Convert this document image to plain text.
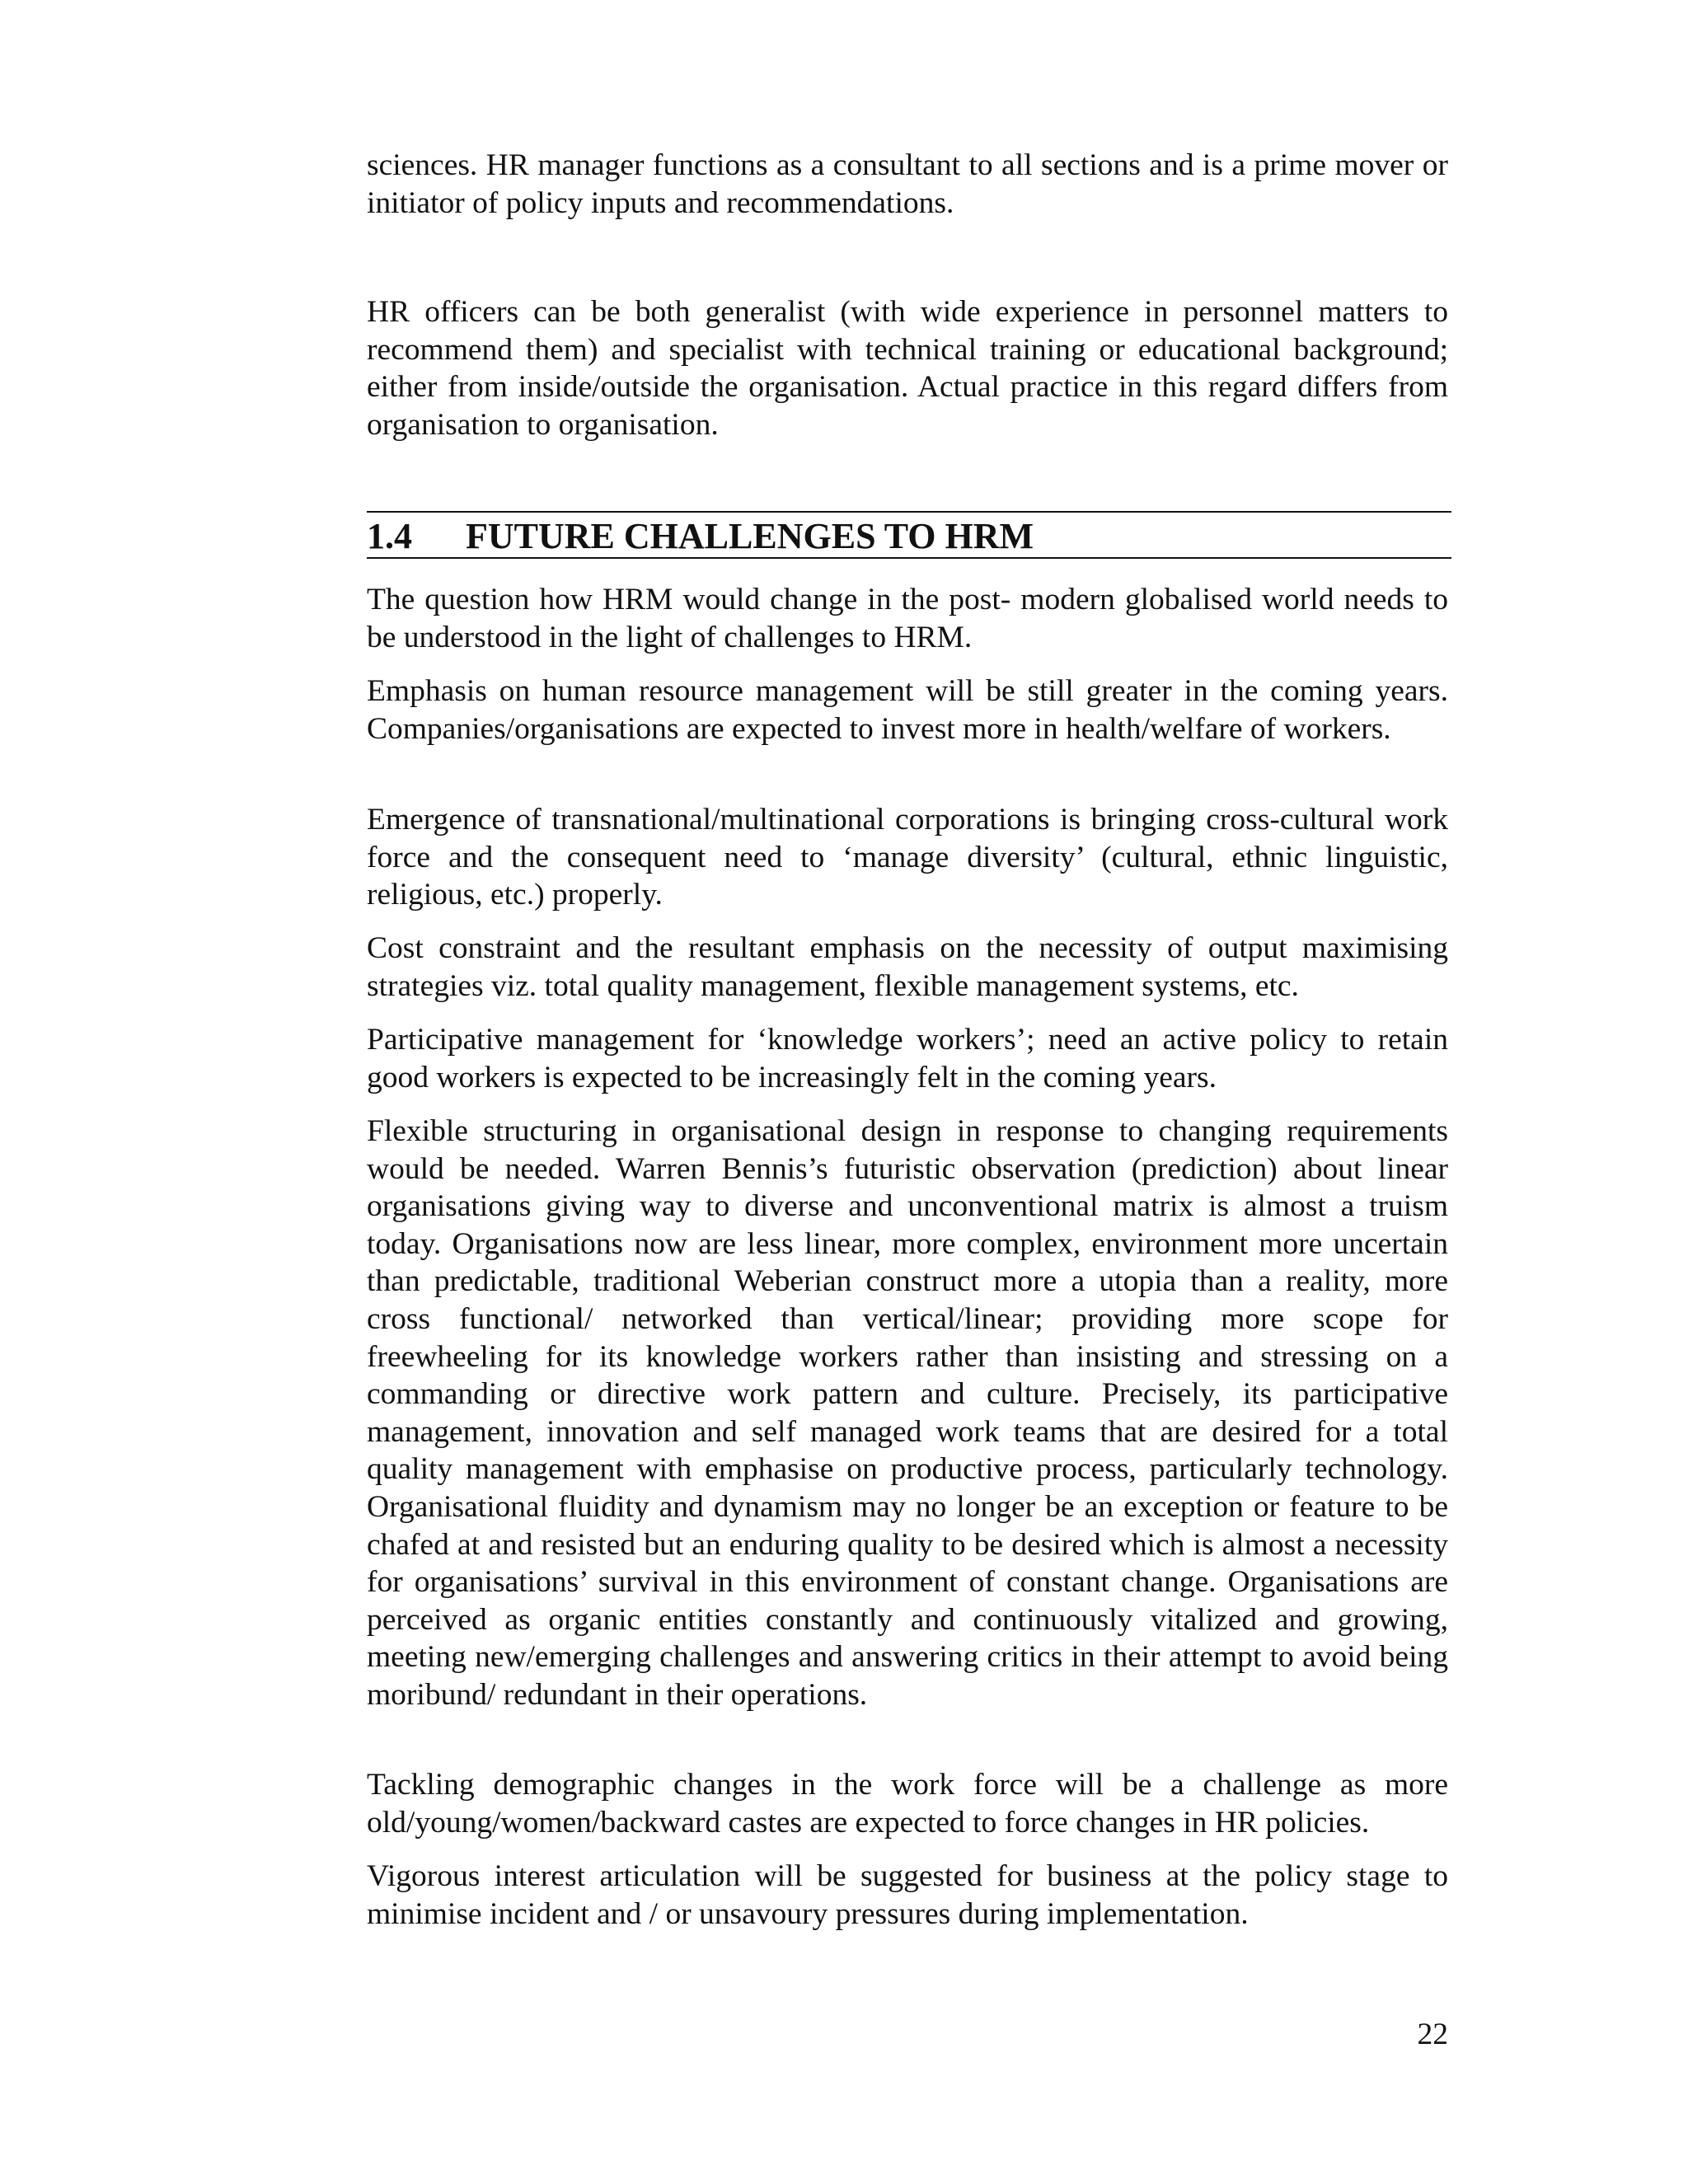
sciences. HR manager functions as a consultant to all sections and is a prime mover or initiator of policy inputs and recommendations.

HR officers can be both generalist (with wide experience in personnel matters to recommend them) and specialist with technical training or educational background; either from inside/outside the organisation. Actual practice in this regard differs from organisation to organisation.

1.4 FUTURE CHALLENGES TO HRM

The question how HRM would change in the post- modern globalised world needs to be understood in the light of challenges to HRM.

Emphasis on human resource management will be still greater in the coming years. Companies/organisations are expected to invest more in health/welfare of workers.

Emergence of transnational/multinational corporations is bringing cross-cultural work force and the consequent need to ‘manage diversity’ (cultural, ethnic linguistic, religious, etc.) properly.

Cost constraint and the resultant emphasis on the necessity of output maximising strategies viz. total quality management, flexible management systems, etc.

Participative management for ‘knowledge workers’; need an active policy to retain good workers is expected to be increasingly felt in the coming years.

Flexible structuring in organisational design in response to changing requirements would be needed. Warren Bennis’s futuristic observation (prediction) about linear organisations giving way to diverse and unconventional matrix is almost a truism today. Organisations now are less linear, more complex, environment more uncertain than predictable, traditional Weberian construct more a utopia than a reality, more cross functional/ networked than vertical/linear; providing more scope for freewheeling for its knowledge workers rather than insisting and stressing on a commanding or directive work pattern and culture. Precisely, its participative management, innovation and self managed work teams that are desired for a total quality management with emphasise on productive process, particularly technology. Organisational fluidity and dynamism may no longer be an exception or feature to be chafed at and resisted but an enduring quality to be desired which is almost a necessity for organisations’ survival in this environment of constant change. Organisations are perceived as organic entities constantly and continuously vitalized and growing, meeting new/emerging challenges and answering critics in their attempt to avoid being moribund/ redundant in their operations.

Tackling demographic changes in the work force will be a challenge as more old/young/women/backward castes are expected to force changes in HR policies.

Vigorous interest articulation will be suggested for business at the policy stage to minimise incident and / or unsavoury pressures during implementation.

22
